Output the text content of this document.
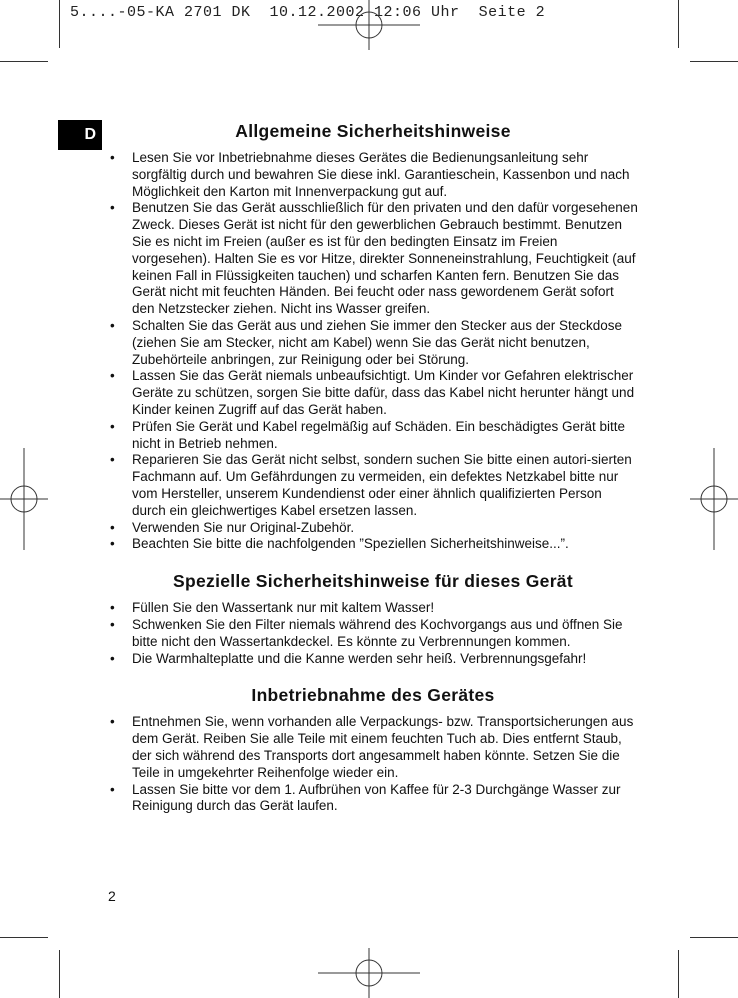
5....-05-KA 2701 DK  10.12.2002 12:06 Uhr  Seite 2
D	Allgemeine Sicherheitshinweise
• Lesen Sie vor Inbetriebnahme dieses Gerätes die Bedienungsanleitung sehr sorgfältig durch und bewahren Sie diese inkl. Garantieschein, Kassenbon und nach Möglichkeit den Karton mit Innenverpackung gut auf.
• Benutzen Sie das Gerät ausschließlich für den privaten und den dafür vorgesehenen Zweck. Dieses Gerät ist nicht für den gewerblichen Gebrauch bestimmt. Benutzen Sie es nicht im Freien (außer es ist für den bedingten Einsatz im Freien vorgesehen). Halten Sie es vor Hitze, direkter Sonneneinstrahlung, Feuchtigkeit (auf keinen Fall in Flüssigkeiten tauchen) und scharfen Kanten fern. Benutzen Sie das Gerät nicht mit feuchten Händen. Bei feucht oder nass gewordenem Gerät sofort den Netzstecker ziehen. Nicht ins Wasser greifen.
• Schalten Sie das Gerät aus und ziehen Sie immer den Stecker aus der Steckdose (ziehen Sie am Stecker, nicht am Kabel) wenn Sie das Gerät nicht benutzen, Zubehörteile anbringen, zur Reinigung oder bei Störung.
• Lassen Sie das Gerät niemals unbeaufsichtigt. Um Kinder vor Gefahren elektrischer Geräte zu schützen, sorgen Sie bitte dafür, dass das Kabel nicht herunter hängt und Kinder keinen Zugriff auf das Gerät haben.
• Prüfen Sie Gerät und Kabel regelmäßig auf Schäden. Ein beschädigtes Gerät bitte nicht in Betrieb nehmen.
• Reparieren Sie das Gerät nicht selbst, sondern suchen Sie bitte einen autori-sierten Fachmann auf. Um Gefährdungen zu vermeiden, ein defektes Netzkabel bitte nur vom Hersteller, unserem Kundendienst oder einer ähnlich qualifizierten Person durch ein gleichwertiges Kabel ersetzen lassen.
• Verwenden Sie nur Original-Zubehör.
• Beachten Sie bitte die nachfolgenden ”Speziellen Sicherheitshinweise...”.
Spezielle Sicherheitshinweise für dieses Gerät
• Füllen Sie den Wassertank nur mit kaltem Wasser!
• Schwenken Sie den Filter niemals während des Kochvorgangs aus und öffnen Sie bitte nicht den Wassertankdeckel. Es könnte zu Verbrennungen kommen.
• Die Warmhalteplatte und die Kanne werden sehr heiß. Verbrennungsgefahr!
Inbetriebnahme des Gerätes
• Entnehmen Sie, wenn vorhanden alle Verpackungs- bzw. Transportsicherungen aus dem Gerät. Reiben Sie alle Teile mit einem feuchten Tuch ab. Dies entfernt Staub, der sich während des Transports dort angesammelt haben könnte. Setzen Sie die Teile in umgekehrter Reihenfolge wieder ein.
• Lassen Sie bitte vor dem 1. Aufbrühen von Kaffee für 2-3 Durchgänge Wasser zur Reinigung durch das Gerät laufen.
2
